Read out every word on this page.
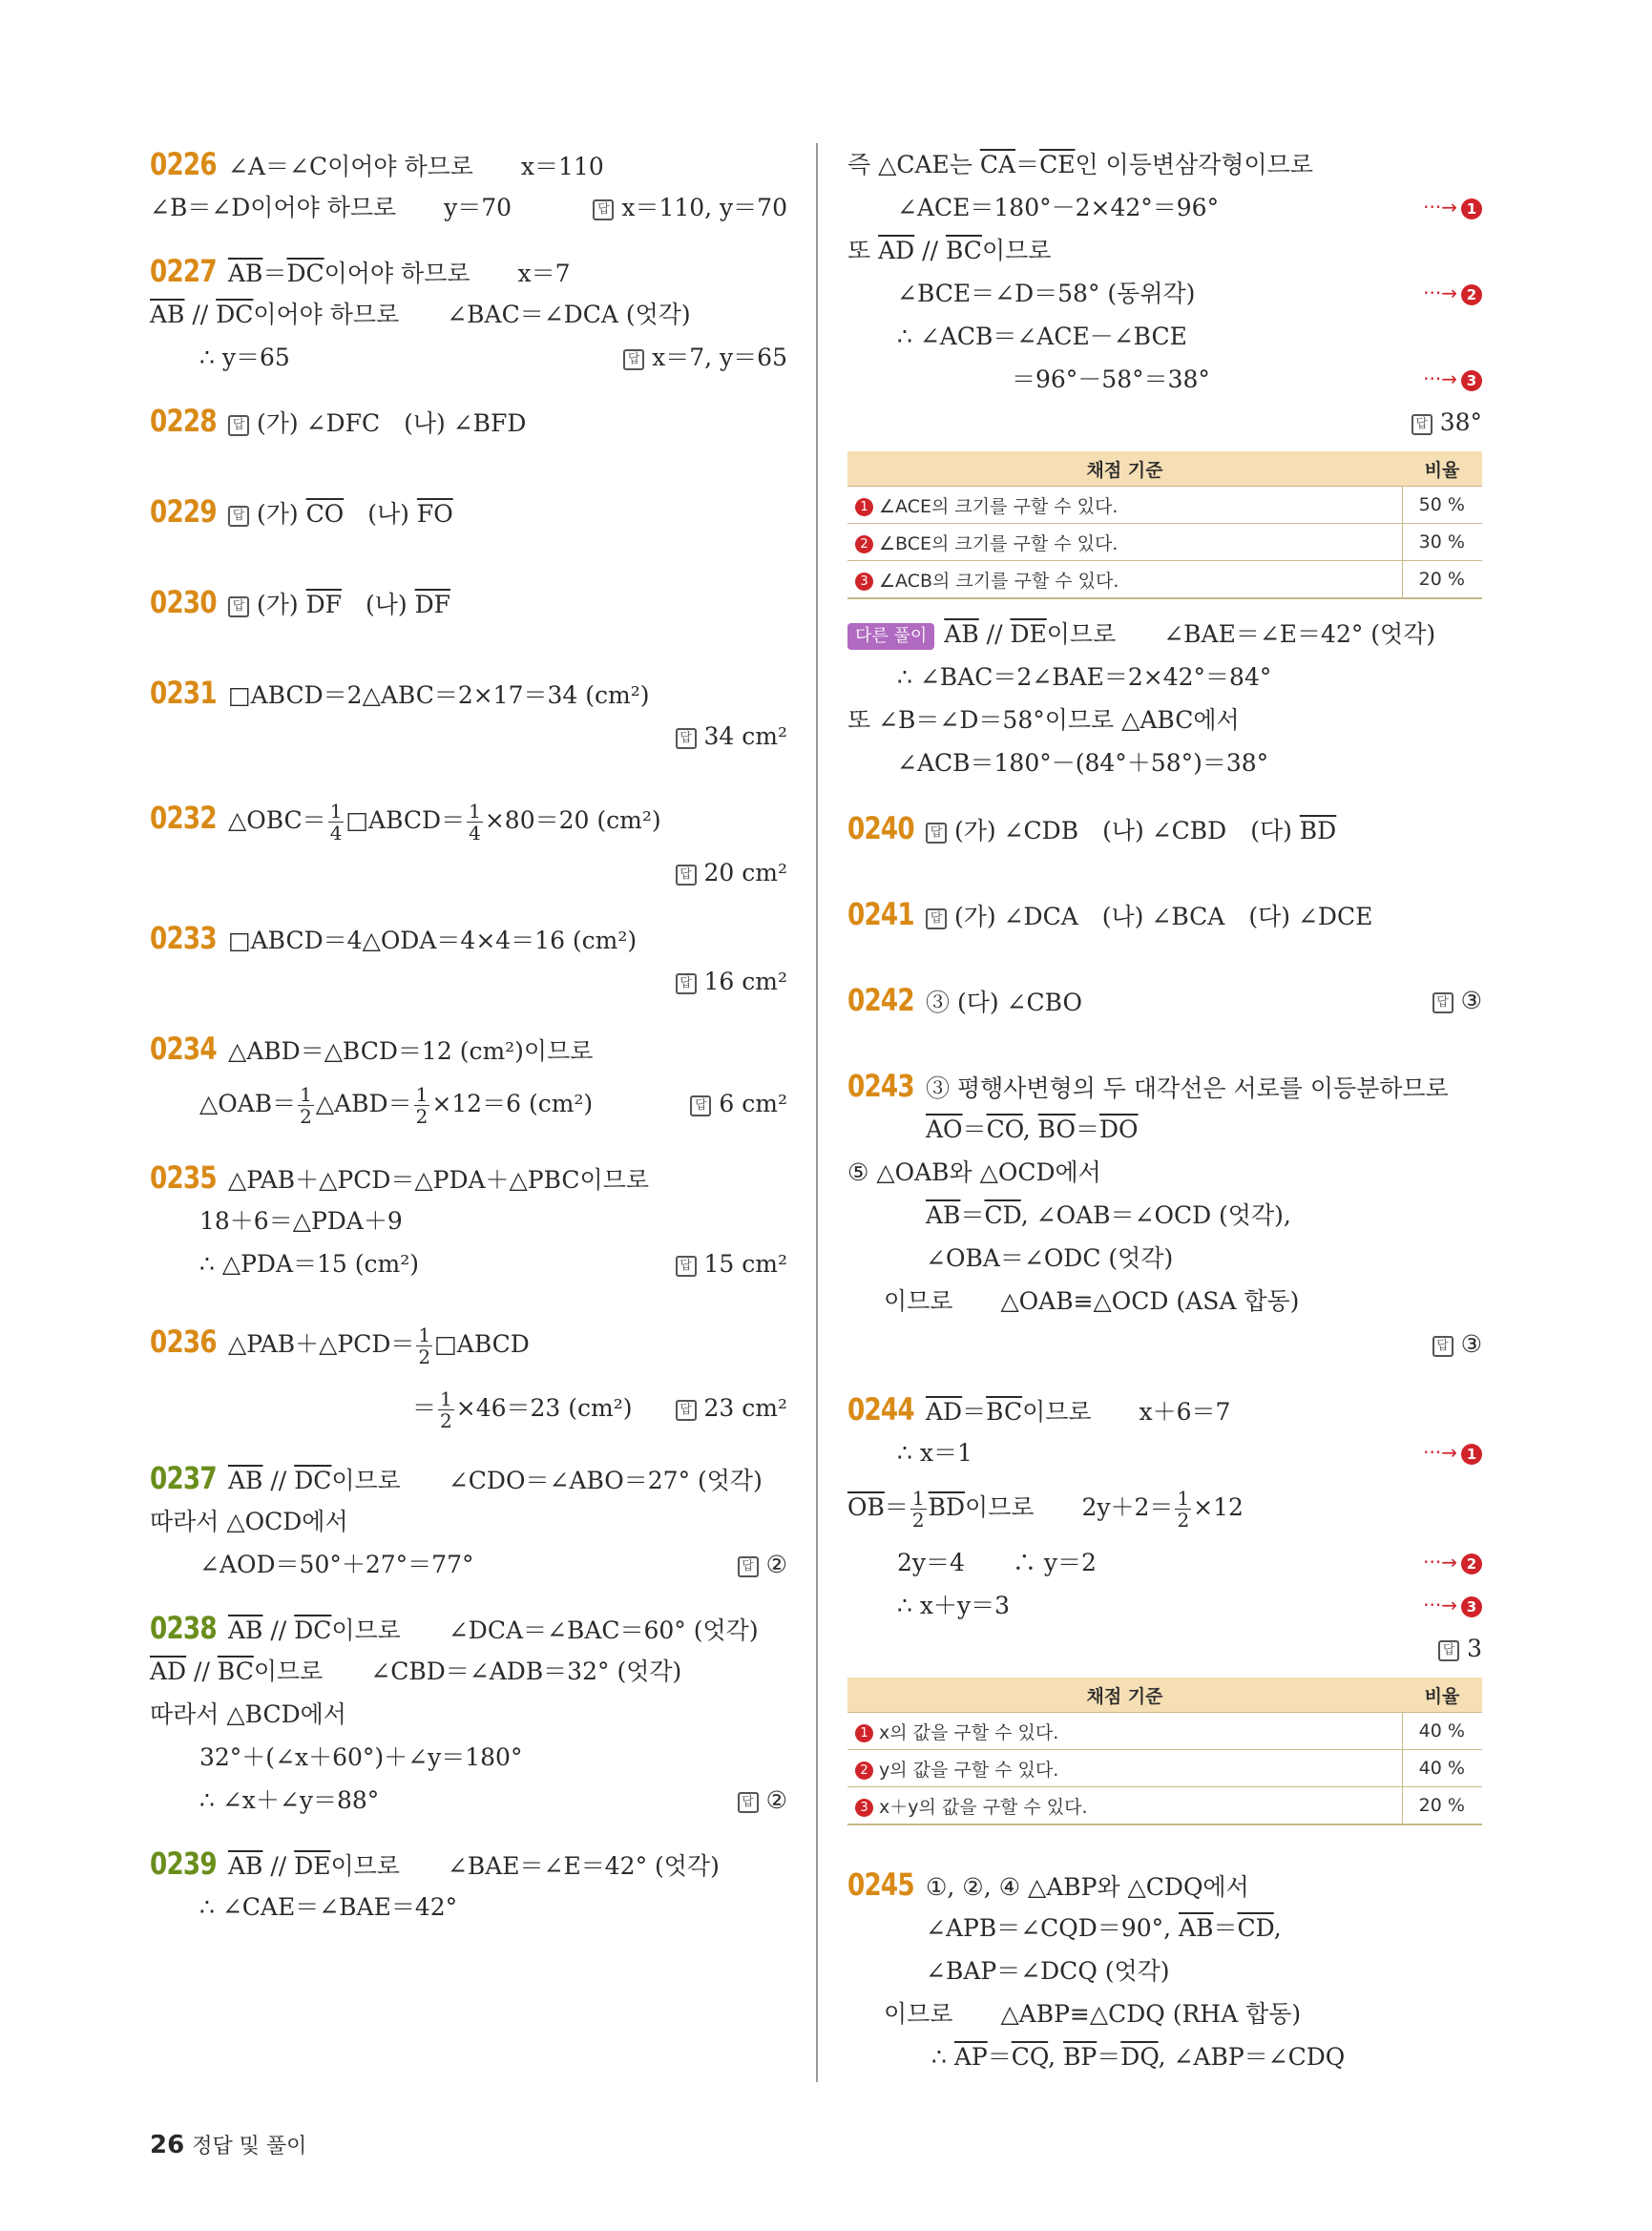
0226 ∠A＝∠C이어야 하므로　　x＝110
∠B＝∠D이어야 하므로　　y＝70	답 x＝110, y＝70
0227 $\overline{AB}=\overline{DC}$이어야 하므로　　x＝7
$\overline{AB} // \overline{DC}$이어야 하므로　　∠BAC＝∠DCA (엇각)
∴ y＝65	답 x＝7, y＝65
0228 답 (가) ∠DFC　(나) ∠BFD
0229 답 (가) $\overline{CO}$　(나) $\overline{FO}$
0230 답 (가) $\overline{DF}$　(나) $\overline{DF}$
0231 □ABCD＝2△ABC＝2×17＝34 (cm²)
답 34 cm²
0232 △OBC＝ $\frac{1}{4}$ □ABCD＝ $\frac{1}{4} \times 80=20$ (cm²)
답 20 cm²
0233 □ABCD＝4△ODA＝4×4＝16 (cm²)
답 16 cm²
0234 △ABD＝△BCD＝12 (cm²)이므로
△OAB＝ $\frac{1}{2}$ △ABD＝ $\frac{1}{2} \times 12=6$ (cm²)	답 6 cm²
0235 △PAB＋△PCD＝△PDA＋△PBC이므로
18＋6＝△PDA＋9
∴ △PDA＝15 (cm²)	답 15 cm²
0236 △PAB＋△PCD＝ $\frac{1}{2}$ □ABCD
＝ $\frac{1}{2} \times 46=23$ (cm²)	답 23 cm²
0237 $\overline{AB} // \overline{DC}$이므로　　∠CDO＝∠ABO＝27° (엇각)
따라서 △OCD에서
∠AOD＝50°＋27°＝77°	답 ②
0238 $\overline{AB} // \overline{DC}$이므로　　∠DCA＝∠BAC＝60° (엇각)
$\overline{AD} // \overline{BC}$이므로　　∠CBD＝∠ADB＝32° (엇각)
따라서 △BCD에서
32°＋(∠x＋60°)＋∠y＝180°
∴ ∠x＋∠y＝88°	답 ②
0239 $\overline{AB} // \overline{DE}$이므로　　∠BAE＝∠E＝42° (엇각)
∴ ∠CAE＝∠BAE＝42°
즉 △CAE는 $\overline{CA}=\overline{CE}$인 이등변삼각형이므로
∠ACE＝180°－2×42°＝96°	···→ 1
또 $\overline{AD} // \overline{BC}$이므로
∠BCE＝∠D＝58° (동위각)	···→ 2
∴ ∠ACB＝∠ACE－∠BCE
＝96°－58°＝38°	···→ 3
답 38°
채점 기준	비율
1 ∠ACE의 크기를 구할 수 있다.	50 %
2 ∠BCE의 크기를 구할 수 있다.	30 %
3 ∠ACB의 크기를 구할 수 있다.	20 %
다른 풀이 $\overline{AB} // \overline{DE}$이므로　　∠BAE＝∠E＝42° (엇각)
∴ ∠BAC＝2∠BAE＝2×42°＝84°
또 ∠B＝∠D＝58°이므로 △ABC에서
∠ACB＝180°－(84°＋58°)＝38°
0240 답 (가) ∠CDB　(나) ∠CBD　(다) $\overline{BD}$
0241 답 (가) ∠DCA　(나) ∠BCA　(다) ∠DCE
0242 ③ (다) ∠CBO	답 ③
0243 ③ 평행사변형의 두 대각선은 서로를 이등분하므로
$\overline{AO}=\overline{CO}$, $\overline{BO}=\overline{DO}$
⑤ △OAB와 △OCD에서
$\overline{AB}=\overline{CD}$, ∠OAB＝∠OCD (엇각),
∠OBA＝∠ODC (엇각)
이므로　　△OAB≡△OCD (ASA 합동)
답 ③
0244 $\overline{AD}=\overline{BC}$이므로　　x＋6＝7
∴ x＝1	···→ 1
$\overline{OB}= \frac{1}{2} \overline{BD}$이므로　　$2y+2= \frac{1}{2} \times 12$
2y＝4　　∴ y＝2	···→ 2
∴ x＋y＝3	···→ 3
답 3
채점 기준	비율
1 x의 값을 구할 수 있다.	40 %
2 y의 값을 구할 수 있다.	40 %
3 x＋y의 값을 구할 수 있다.	20 %
0245 ①, ②, ④ △ABP와 △CDQ에서
∠APB＝∠CQD＝90°, $\overline{AB}=\overline{CD}$,
∠BAP＝∠DCQ (엇각)
이므로　　△ABP≡△CDQ (RHA 합동)
∴ $\overline{AP}=\overline{CQ}$, $\overline{BP}=\overline{DQ}$, ∠ABP＝∠CDQ
26 정답 및 풀이
